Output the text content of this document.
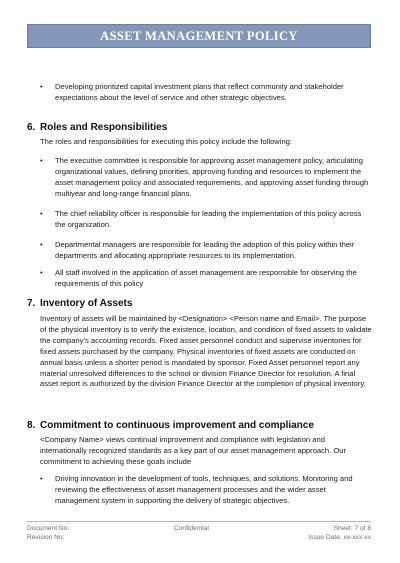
ASSET MANAGEMENT POLICY
• Developing prioritized capital investment plans that reflect community and stakeholder expectations about the level of service and other strategic objectives.
6. Roles and Responsibilities
The roles and responsibilities for executing this policy include the following:
• The executive committee is responsible for approving asset management policy, articulating organizational values, defining priorities, approving funding and resources to implement the asset management policy and associated requirements, and approving asset funding through multiyear and long-range financial plans.
• The chief reliability officer is responsible for leading the implementation of this policy across the organization.
• Departmental managers are responsible for leading the adoption of this policy within their departments and allocating appropriate resources to its implementation.
• All staff involved in the application of asset management are responsible for observing the requirements of this policy
7. Inventory of Assets
Inventory of assets will be maintained by <Designation> <Person name and Email>. The purpose of the physical inventory is to verify the existence, location, and condition of fixed assets to validate the company’s accounting records. Fixed asset personnel conduct and supervise inventories for fixed assets purchased by the company. Physical inventories of fixed assets are conducted on annual basis unless a shorter period is mandated by sponsor. Fixed Asset personnel report any material unresolved differences to the school or division Finance Director for resolution. A final asset report is authorized by the division Finance Director at the completion of physical inventory.
8. Commitment to continuous improvement and compliance
<Company Name> views continual improvement and compliance with legislation and internationally recognized standards as a key part of our asset management approach. Our commitment to achieving these goals include
• Driving innovation in the development of tools, techniques, and solutions. Monitoring and reviewing the effectiveness of asset management processes and the wider asset management system in supporting the delivery of strategic objectives.
Document No:
Revision No:
Confidential	Sheet: 7 of 8
Issue Date: xx-xxx-xx
